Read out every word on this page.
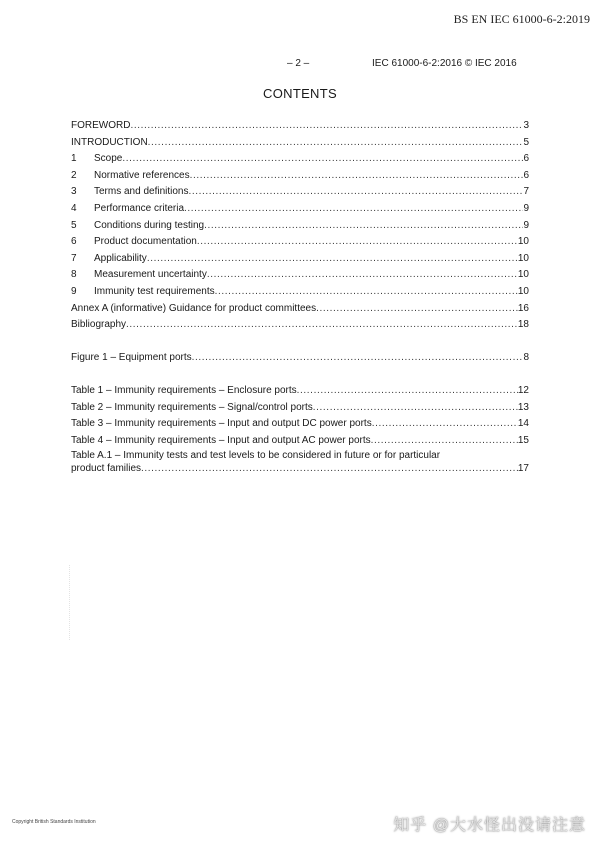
BS EN IEC 61000-6-2:2019
– 2 –	IEC 61000-6-2:2016 © IEC 2016
CONTENTS
FOREWORD .....	3
INTRODUCTION .....	5
1	Scope .....	6
2	Normative references .....	6
3	Terms and definitions .....	7
4	Performance criteria .....	9
5	Conditions during testing .....	9
6	Product documentation .....	10
7	Applicability .....	10
8	Measurement uncertainty .....	10
9	Immunity test requirements .....	10
Annex A (informative) Guidance for product committees .....	16
Bibliography .....	18
Figure 1 – Equipment ports .....	8
Table 1 – Immunity requirements – Enclosure ports .....	12
Table 2 – Immunity requirements – Signal/control ports .....	13
Table 3 – Immunity requirements – Input and output DC power ports .....	14
Table 4 – Immunity requirements – Input and output AC power ports .....	15
Table A.1 – Immunity tests and test levels to be considered in future or for particular
product families .....	17
Copyright British Standards Institution	知乎 @大水怪出没请注意
